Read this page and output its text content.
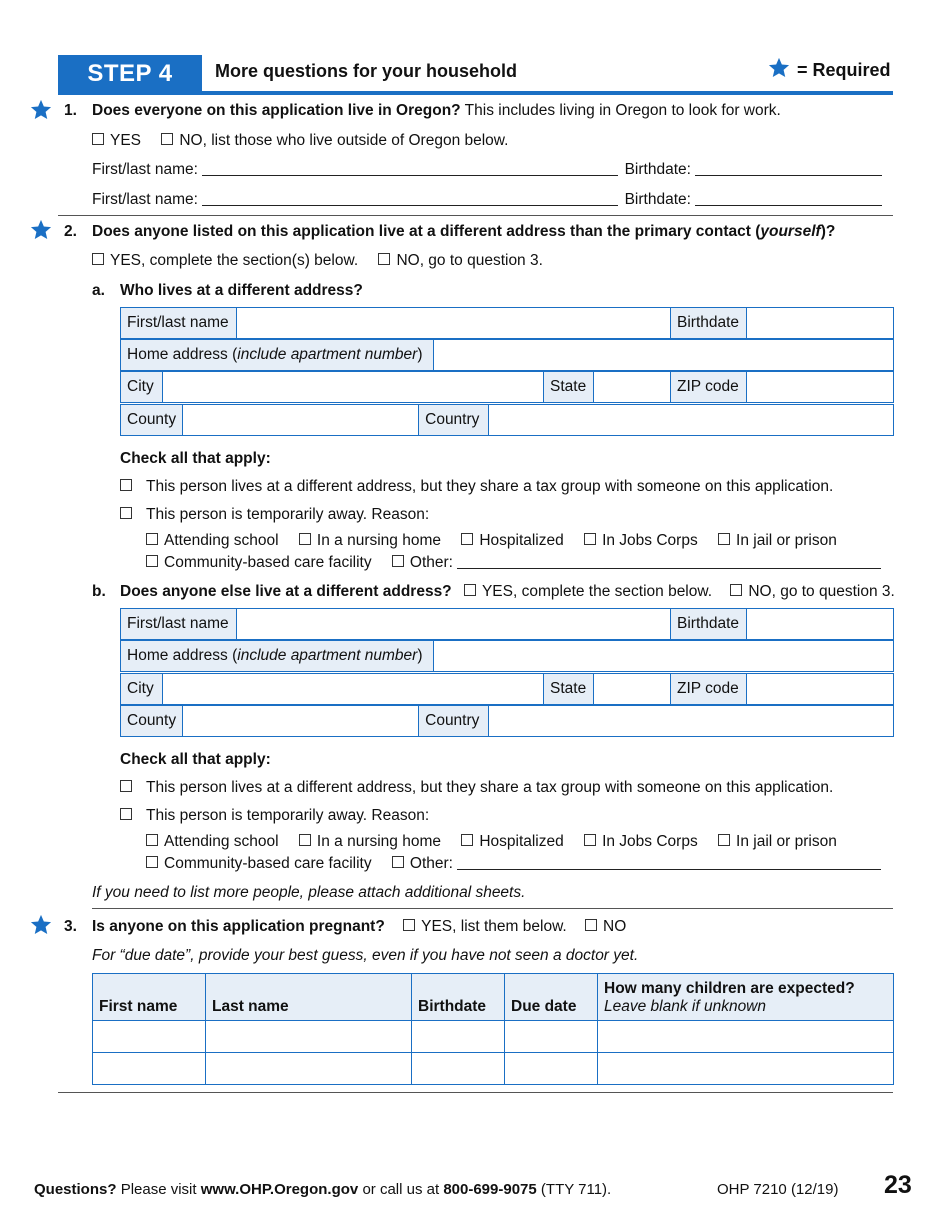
STEP 4	More questions for your household	= Required
1. Does everyone on this application live in Oregon? This includes living in Oregon to look for work.
YES NO, list those who live outside of Oregon below.
First/last name:	Birthdate:
First/last name:	Birthdate:
2. Does anyone listed on this application live at a different address than the primary contact (yourself)?
YES, complete the section(s) below. NO, go to question 3.
a. Who lives at a different address?
First/last name		Birthdate	
Home address (include apartment number)	
City		State		ZIP code	
County		Country	
Check all that apply:
This person lives at a different address, but they share a tax group with someone on this application.
This person is temporarily away. Reason:
Attending school In a nursing home Hospitalized In Jobs Corps In jail or prison
Community-based care facility Other:
b. Does anyone else live at a different address? YES, complete the section below. NO, go to question 3.
First/last name		Birthdate	
Home address (include apartment number)	
City		State		ZIP code	
County		Country	
Check all that apply:
This person lives at a different address, but they share a tax group with someone on this application.
This person is temporarily away. Reason:
Attending school In a nursing home Hospitalized In Jobs Corps In jail or prison
Community-based care facility Other:
If you need to list more people, please attach additional sheets.
3. Is anyone on this application pregnant? YES, list them below. NO
For “due date”, provide your best guess, even if you have not seen a doctor yet.
First name	Last name	Birthdate	Due date	How many children are expected?
Leave blank if unknown

Questions? Please visit www.OHP.Oregon.gov or call us at 800-699-9075 (TTY 711).	OHP 7210 (12/19) 23
